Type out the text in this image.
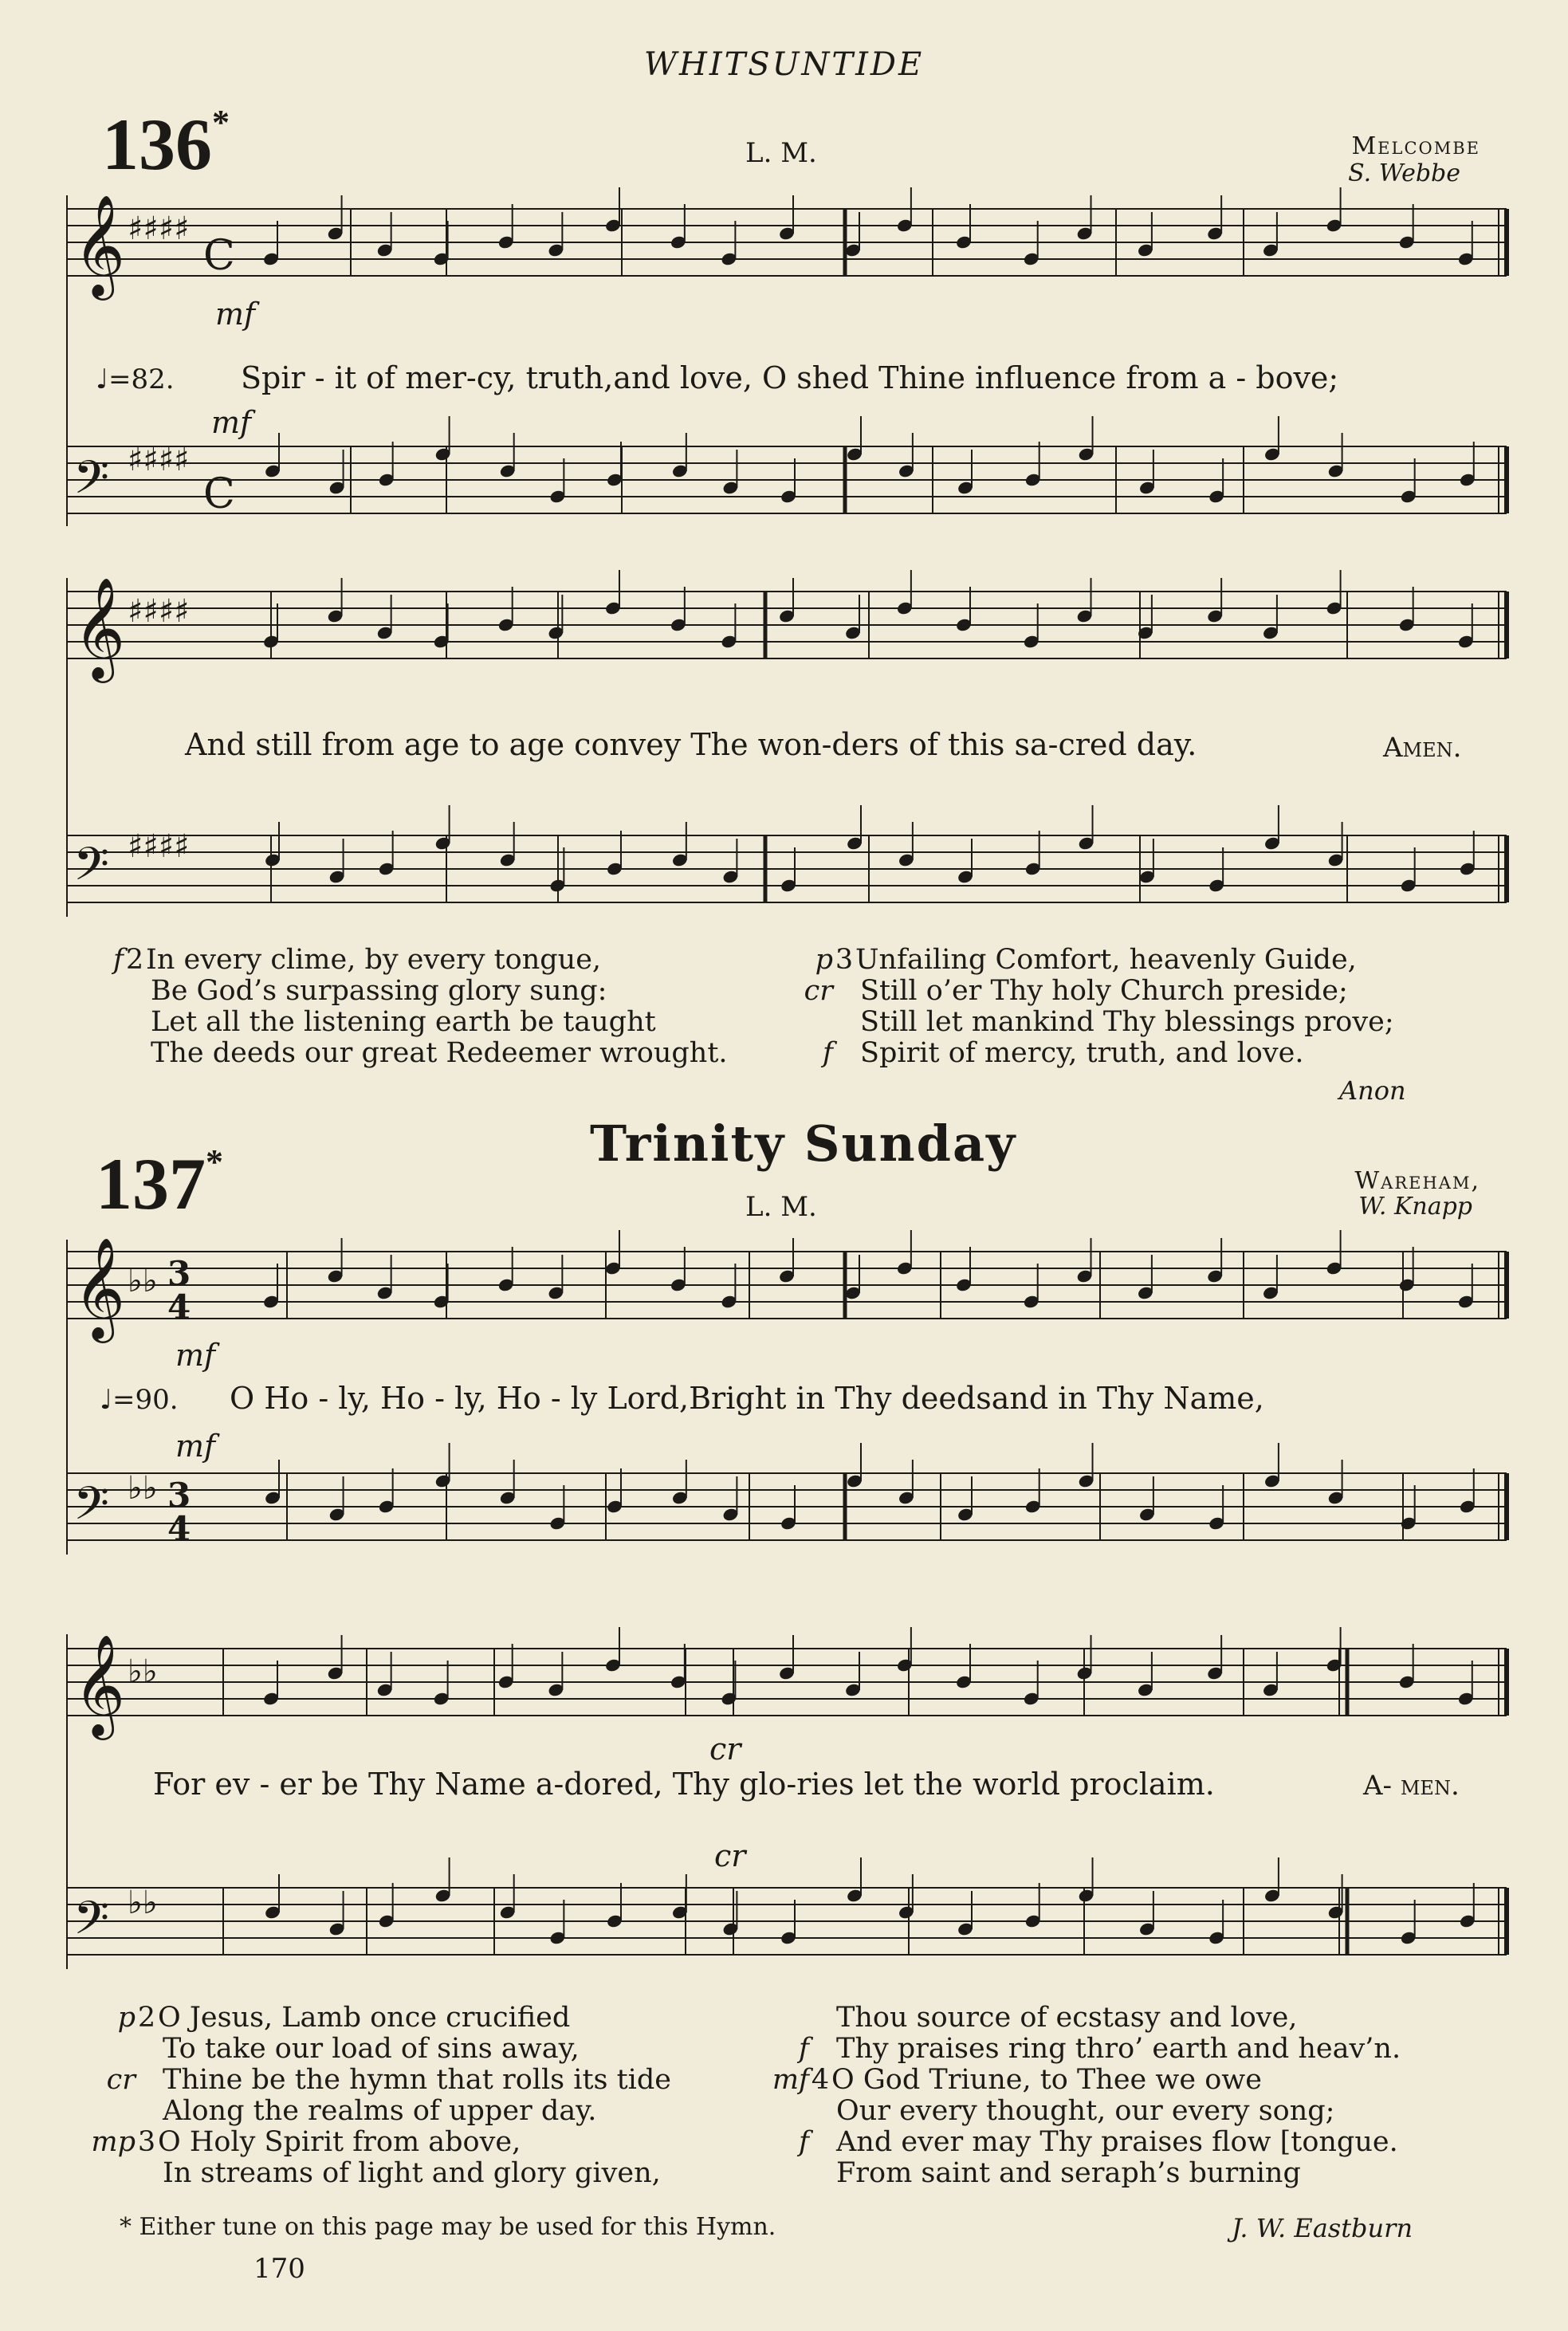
WHITSUNTIDE
136*
L. M.	Melcombe
S. Webbe
𝄞
𝄢
𝄞
𝄢
𝄞
𝄢
𝄞
𝄢
♯♯♯♯
♯♯♯♯
♯♯♯♯
♯♯♯♯
C
C
♭♭
♭♭
♭♭
♭♭
3
4
3
4
mf
♩=82. Spir - it of mer-cy, truth,and love, O shed Thine influence from a - bove;
mf
And still from age to age convey The won-ders of this sa-cred day.	Amen.
f2In every clime, by every tongue,
Be God’s surpassing glory sung:
Let all the listening earth be taught
The deeds our great Redeemer wrought.
p3Unfailing Comfort, heavenly Guide,
cr Still o’er Thy holy Church preside;
Still let mankind Thy blessings prove;
f Spirit of mercy, truth, and love.
Anon
Trinity Sunday
137*
L. M.
Wareham,
W. Knapp
mf
♩=90. O Ho - ly, Ho - ly, Ho - ly Lord,Bright in Thy deedsand in Thy Name,
mf
cr
For ev - er be Thy Name a-dored, Thy glo-ries let the world proclaim.	A- men.
cr
p2O Jesus, Lamb once crucified
To take our load of sins away,
cr Thine be the hymn that rolls its tide
Along the realms of upper day.
mp3O Holy Spirit from above,
In streams of light and glory given,
Thou source of ecstasy and love,
f Thy praises ring thro’ earth and heav’n.
mf4O God Triune, to Thee we owe
Our every thought, our every song;
f And ever may Thy praises flow [tongue.
From saint and seraph’s burning
* Either tune on this page may be used for this Hymn.	J. W. Eastburn
170
